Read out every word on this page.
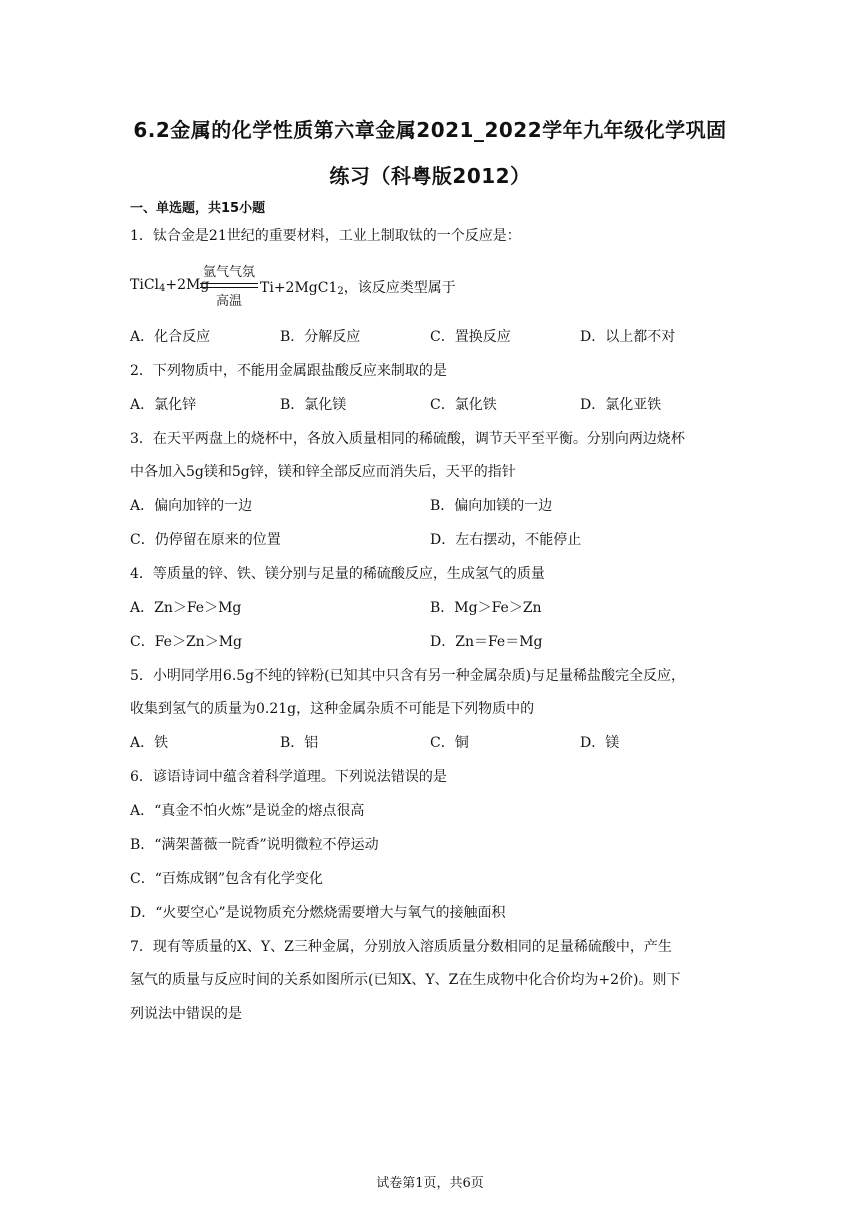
6.2金属的化学性质第六章金属2021_2022学年九年级化学巩固
练习（科粤版2012）
一、单选题，共15小题
1．钛合金是21世纪的重要材料，工业上制取钛的一个反应是：
TiCl$_4$+2Mg
氩气气氛
高温
$Ti+2MgC1_2$，该反应类型属于
A．化合反应	B．分解反应	C．置换反应	D．以上都不对
2．下列物质中，不能用金属跟盐酸反应来制取的是
A．氯化锌	B．氯化镁	C．氯化铁	D．氯化亚铁
3．在天平两盘上的烧杯中，各放入质量相同的稀硫酸，调节天平至平衡。分别向两边烧杯
中各加入5g镁和5g锌，镁和锌全部反应而消失后，天平的指针
A．偏向加锌的一边	B．偏向加镁的一边
C．仍停留在原来的位置	D．左右摆动，不能停止
4．等质量的锌、铁、镁分别与足量的稀硫酸反应，生成氢气的质量
A．Zn＞Fe＞Mg	B．Mg＞Fe＞Zn
C．Fe＞Zn＞Mg	D．Zn＝Fe＝Mg
5．小明同学用6.5g不纯的锌粉(已知其中只含有另一种金属杂质)与足量稀盐酸完全反应，
收集到氢气的质量为0.21g，这种金属杂质不可能是下列物质中的
A．铁	B．铝	C．铜	D．镁
6．谚语诗词中蕴含着科学道理。下列说法错误的是
A．“真金不怕火炼”是说金的熔点很高
B．“满架蔷薇一院香”说明微粒不停运动
C．“百炼成钢”包含有化学变化
D．“火要空心”是说物质充分燃烧需要增大与氧气的接触面积
7．现有等质量的X、Y、Z三种金属，分别放入溶质质量分数相同的足量稀硫酸中，产生
氢气的质量与反应时间的关系如图所示(已知X、Y、Z在生成物中化合价均为+2价)。则下
列说法中错误的是
试卷第1页，共6页
